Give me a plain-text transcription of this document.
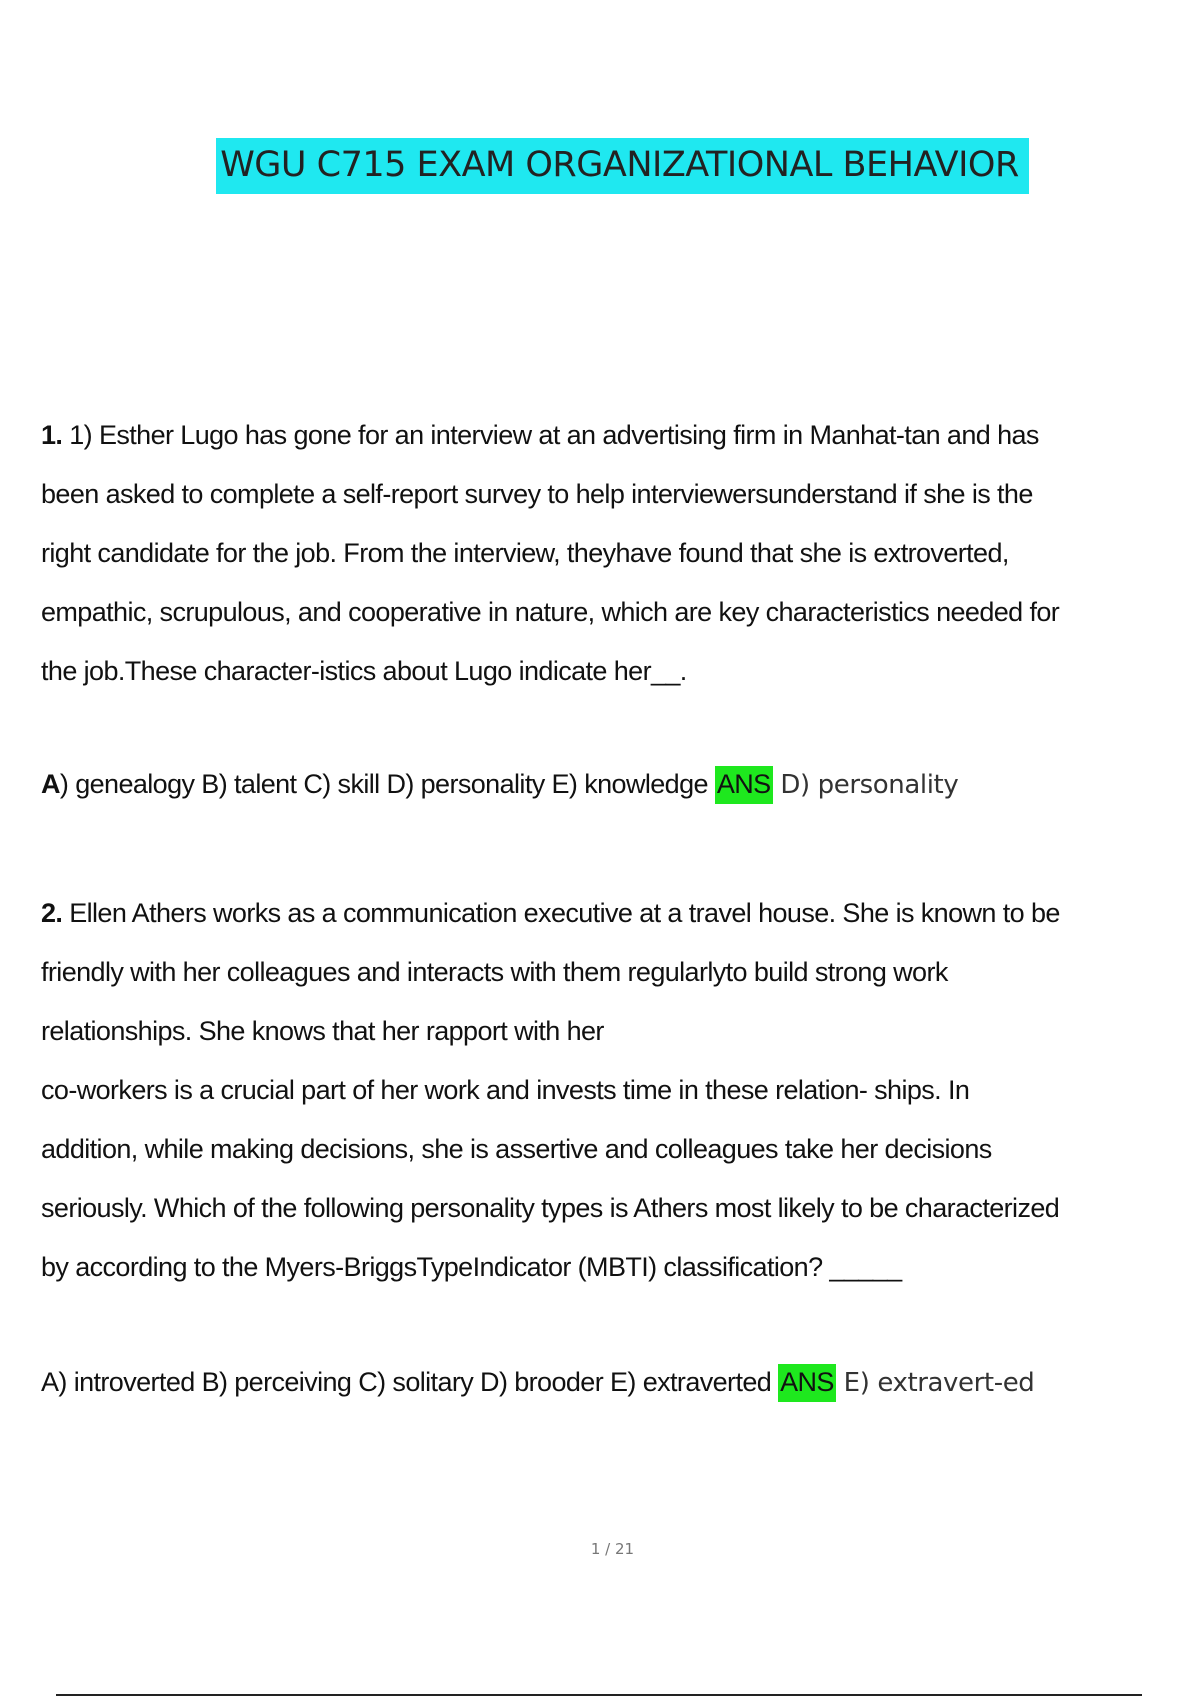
WGU C715 EXAM ORGANIZATIONAL BEHAVIOR
1. 1) Esther Lugo has gone for an interview at an advertising firm in Manhat-tan and has
been asked to complete a self-report survey to help interviewersunderstand if she is the
right candidate for the job. From the interview, theyhave found that she is extroverted,
empathic, scrupulous, and cooperative in nature, which are key characteristics needed for
the job.These character-istics about Lugo indicate her__.
A) genealogy B) talent C) skill D) personality E) knowledge ANS D) personality
2. Ellen Athers works as a communication executive at a travel house. She is known to be
friendly with her colleagues and interacts with them regularlyto build strong work
relationships. She knows that her rapport with her
co-workers is a crucial part of her work and invests time in these relation- ships. In
addition, while making decisions, she is assertive and colleagues take her decisions
seriously. Which of the following personality types is Athers most likely to be characterized
by according to the Myers-BriggsTypeIndicator (MBTI) classification? _____
A) introverted B) perceiving C) solitary D) brooder E) extraverted ANS E) extravert-ed
1 / 21
